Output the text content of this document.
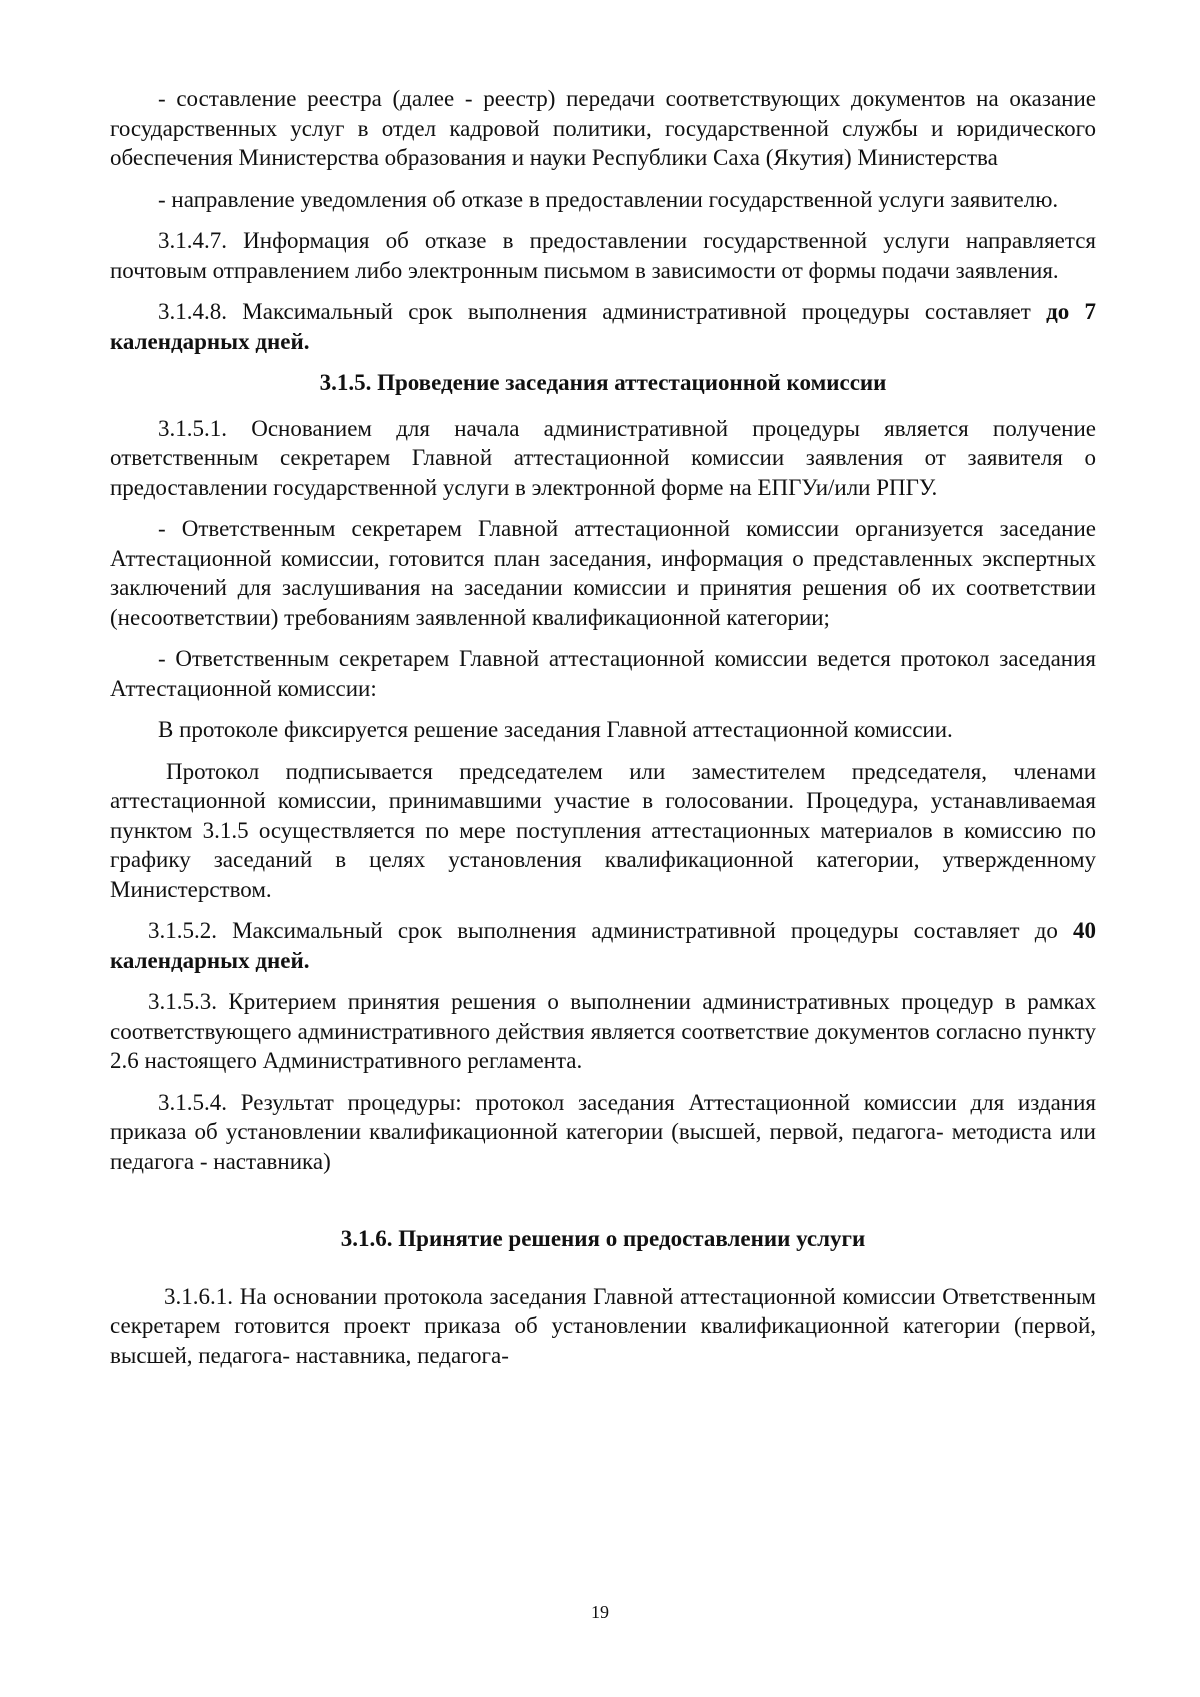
- составление реестра (далее - реестр) передачи соответствующих документов на оказание государственных услуг в отдел кадровой политики, государственной службы и юридического обеспечения Министерства образования и науки Республики Саха (Якутия) Министерства

- направление уведомления об отказе в предоставлении государственной услуги заявителю.

3.1.4.7. Информация об отказе в предоставлении государственной услуги направляется почтовым отправлением либо электронным письмом в зависимости от формы подачи заявления.

3.1.4.8. Максимальный срок выполнения административной процедуры составляет до 7 календарных дней.

3.1.5. Проведение заседания аттестационной комиссии

3.1.5.1. Основанием для начала административной процедуры является получение ответственным секретарем Главной аттестационной комиссии заявления от заявителя о предоставлении государственной услуги в электронной форме на ЕПГУи/или РПГУ.

- Ответственным секретарем Главной аттестационной комиссии организуется заседание Аттестационной комиссии, готовится план заседания, информация о представленных экспертных заключений для заслушивания на заседании комиссии и принятия решения об их соответствии (несоответствии) требованиям заявленной квалификационной категории;

- Ответственным секретарем Главной аттестационной комиссии ведется протокол заседания Аттестационной комиссии:

В протоколе фиксируется решение заседания Главной аттестационной комиссии.

Протокол подписывается председателем или заместителем председателя, членами аттестационной комиссии, принимавшими участие в голосовании. Процедура, устанавливаемая пунктом 3.1.5 осуществляется по мере поступления аттестационных материалов в комиссию по графику заседаний в целях установления квалификационной категории, утвержденному Министерством.

3.1.5.2. Максимальный срок выполнения административной процедуры составляет до 40 календарных дней.

3.1.5.3. Критерием принятия решения о выполнении административных процедур в рамках соответствующего административного действия является соответствие документов согласно пункту 2.6 настоящего Административного регламента.

3.1.5.4. Результат процедуры: протокол заседания Аттестационной комиссии для издания приказа об установлении квалификационной категории (высшей, первой, педагога- методиста или педагога - наставника)

3.1.6. Принятие решения о предоставлении услуги

3.1.6.1. На основании протокола заседания Главной аттестационной комиссии Ответственным секретарем готовится проект приказа об установлении квалификационной категории (первой, высшей, педагога- наставника, педагога-

19
